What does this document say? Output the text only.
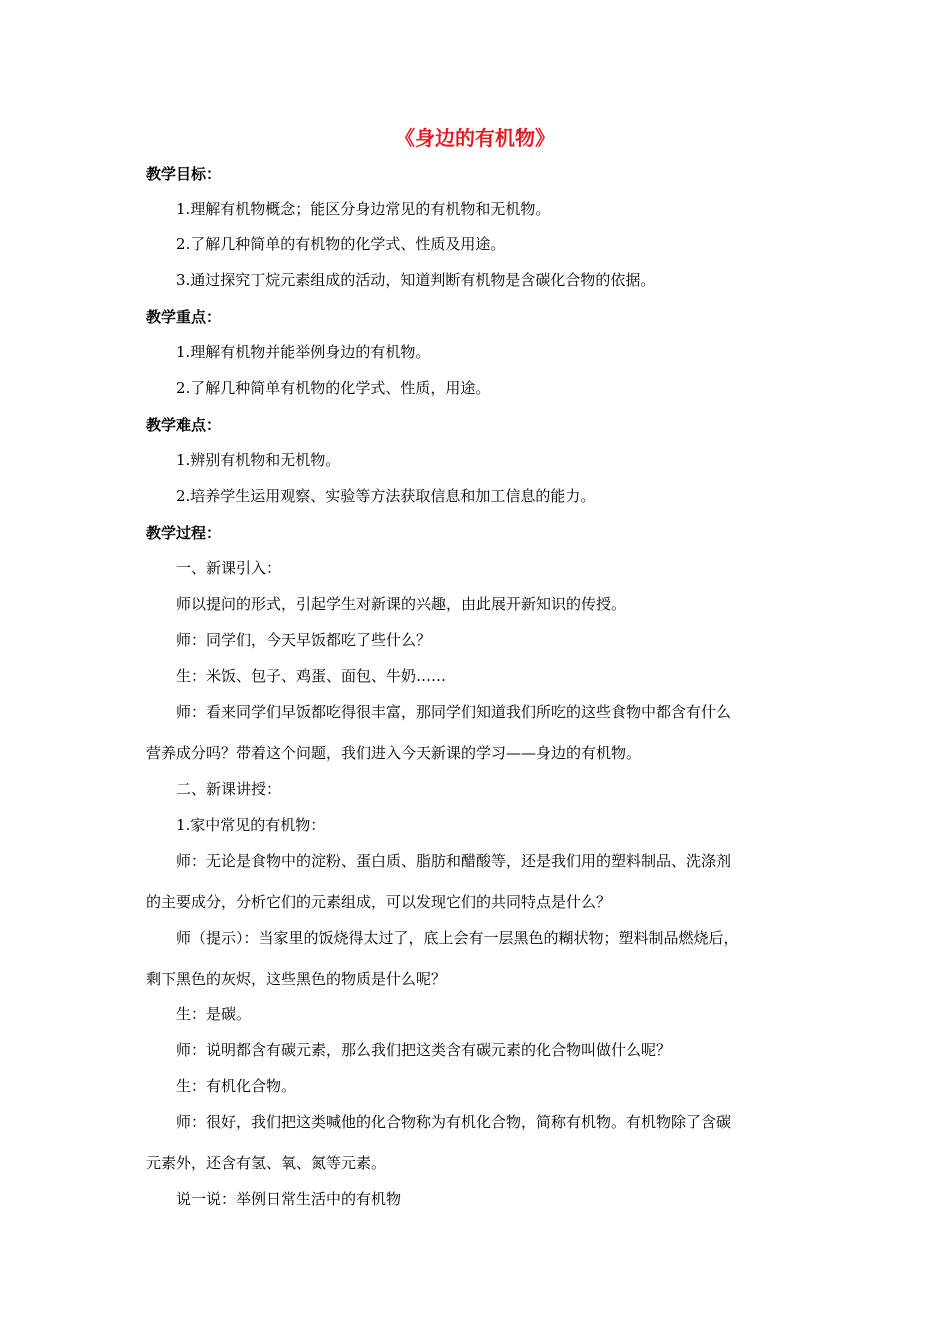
《身边的有机物》

教学目标：

1.理解有机物概念；能区分身边常见的有机物和无机物。

2.了解几种简单的有机物的化学式、性质及用途。

3.通过探究丁烷元素组成的活动，知道判断有机物是含碳化合物的依据。

教学重点：

1.理解有机物并能举例身边的有机物。

2.了解几种简单有机物的化学式、性质，用途。

教学难点：

1.辨别有机物和无机物。

2.培养学生运用观察、实验等方法获取信息和加工信息的能力。

教学过程：

一、新课引入：

师以提问的形式，引起学生对新课的兴趣，由此展开新知识的传授。

师：同学们，今天早饭都吃了些什么？

生：米饭、包子、鸡蛋、面包、牛奶……

师：看来同学们早饭都吃得很丰富，那同学们知道我们所吃的这些食物中都含有什么

营养成分吗？带着这个问题，我们进入今天新课的学习——身边的有机物。

二、新课讲授：

1.家中常见的有机物：

师：无论是食物中的淀粉、蛋白质、脂肪和醋酸等，还是我们用的塑料制品、洗涤剂

的主要成分，分析它们的元素组成，可以发现它们的共同特点是什么？

师（提示）：当家里的饭烧得太过了，底上会有一层黑色的糊状物；塑料制品燃烧后，

剩下黑色的灰烬，这些黑色的物质是什么呢？

生：是碳。

师：说明都含有碳元素，那么我们把这类含有碳元素的化合物叫做什么呢？

生：有机化合物。

师：很好，我们把这类喊他的化合物称为有机化合物，简称有机物。有机物除了含碳

元素外，还含有氢、氧、氮等元素。

说一说：举例日常生活中的有机物
